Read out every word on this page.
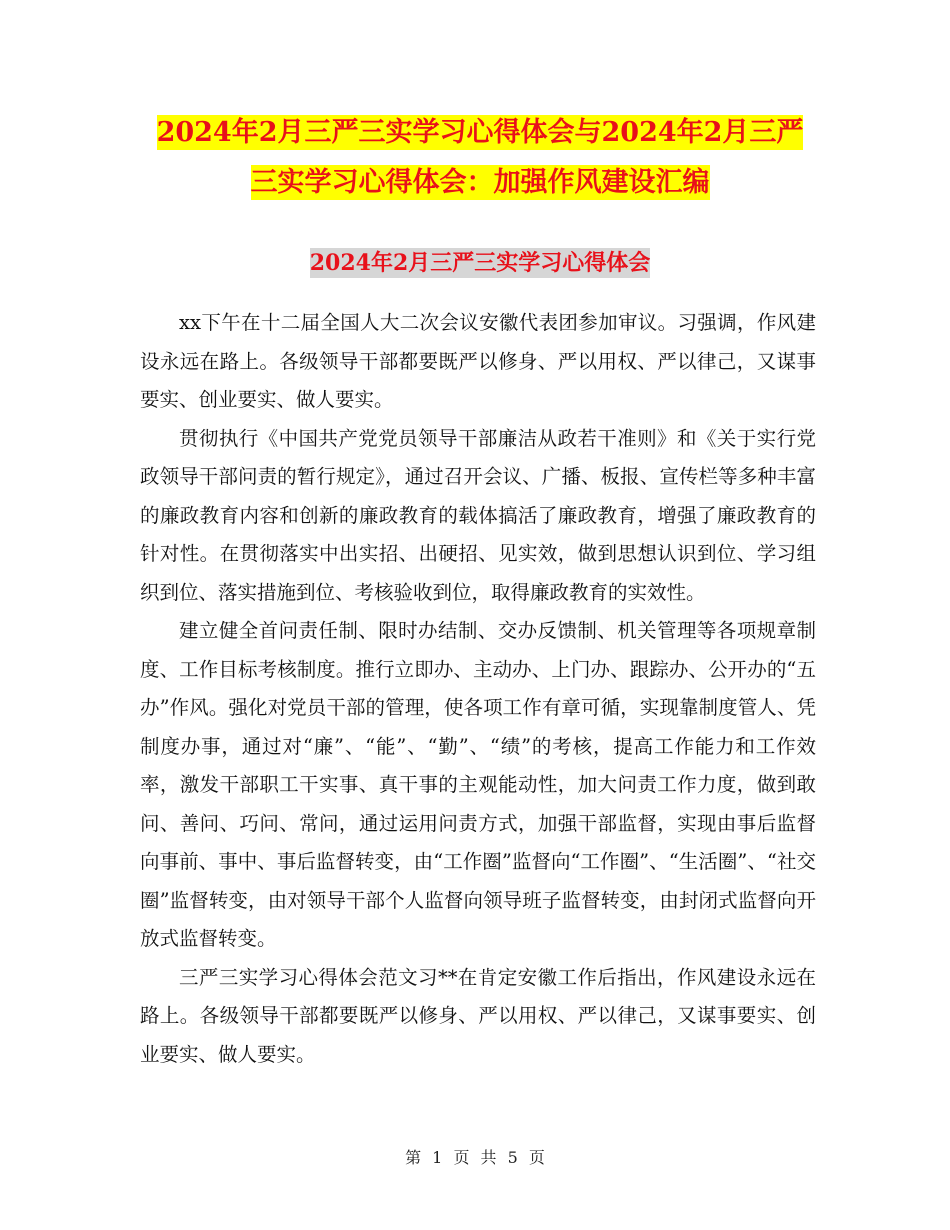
2024年2月三严三实学习心得体会与2024年2月三严
三实学习心得体会：加强作风建设汇编
2024年2月三严三实学习心得体会

xx下午在十二届全国人大二次会议安徽代表团参加审议。习强调，作风建设永远在路上。各级领导干部都要既严以修身、严以用权、严以律己，又谋事要实、创业要实、做人要实。

贯彻执行《中国共产党党员领导干部廉洁从政若干准则》和《关于实行党政领导干部问责的暂行规定》，通过召开会议、广播、板报、宣传栏等多种丰富的廉政教育内容和创新的廉政教育的载体搞活了廉政教育，增强了廉政教育的针对性。在贯彻落实中出实招、出硬招、见实效，做到思想认识到位、学习组织到位、落实措施到位、考核验收到位，取得廉政教育的实效性。

建立健全首问责任制、限时办结制、交办反馈制、机关管理等各项规章制度、工作目标考核制度。推行立即办、主动办、上门办、跟踪办、公开办的“五办”作风。强化对党员干部的管理，使各项工作有章可循，实现靠制度管人、凭制度办事，通过对“廉”、“能”、“勤”、“绩”的考核，提高工作能力和工作效率，激发干部职工干实事、真干事的主观能动性，加大问责工作力度，做到敢问、善问、巧问、常问，通过运用问责方式，加强干部监督，实现由事后监督向事前、事中、事后监督转变，由“工作圈”监督向“工作圈”、“生活圈”、“社交圈”监督转变，由对领导干部个人监督向领导班子监督转变，由封闭式监督向开放式监督转变。

三严三实学习心得体会范文习**在肯定安徽工作后指出，作风建设永远在路上。各级领导干部都要既严以修身、严以用权、严以律己，又谋事要实、创业要实、做人要实。

第 1 页 共 5 页
